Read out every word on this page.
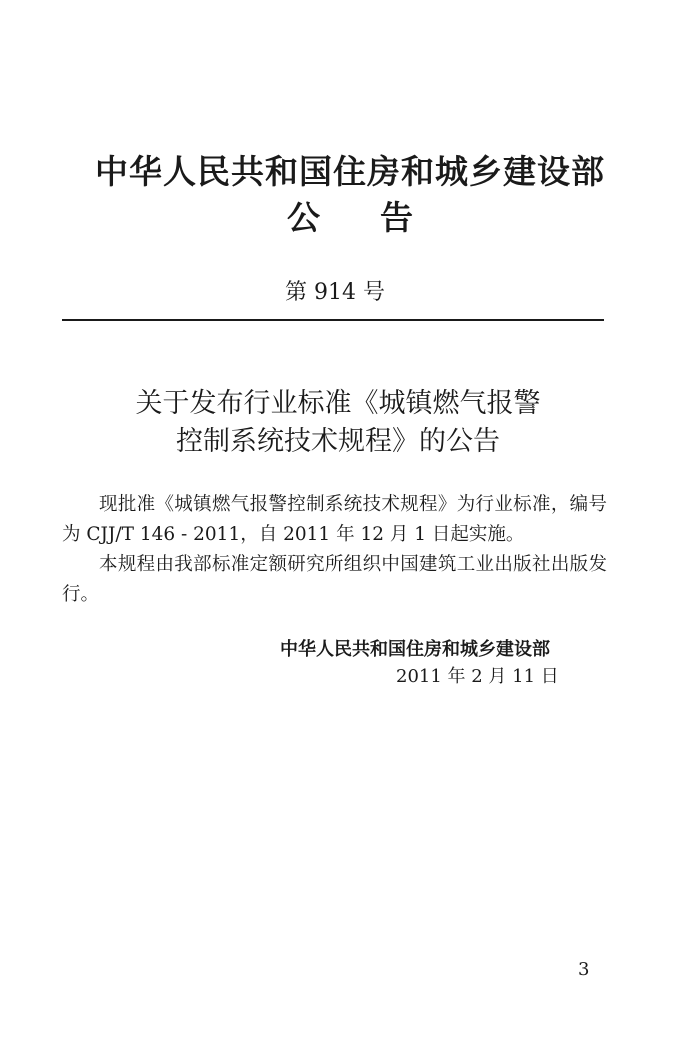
中华人民共和国住房和城乡建设部
公 告
第 914 号
关于发布行业标准《城镇燃气报警
控制系统技术规程》的公告

现批准《城镇燃气报警控制系统技术规程》为行业标准，编号为 CJJ/T 146 - 2011，自 2011 年 12 月 1 日起实施。

本规程由我部标准定额研究所组织中国建筑工业出版社出版发行。

中华人民共和国住房和城乡建设部
2011 年 2 月 11 日
3
